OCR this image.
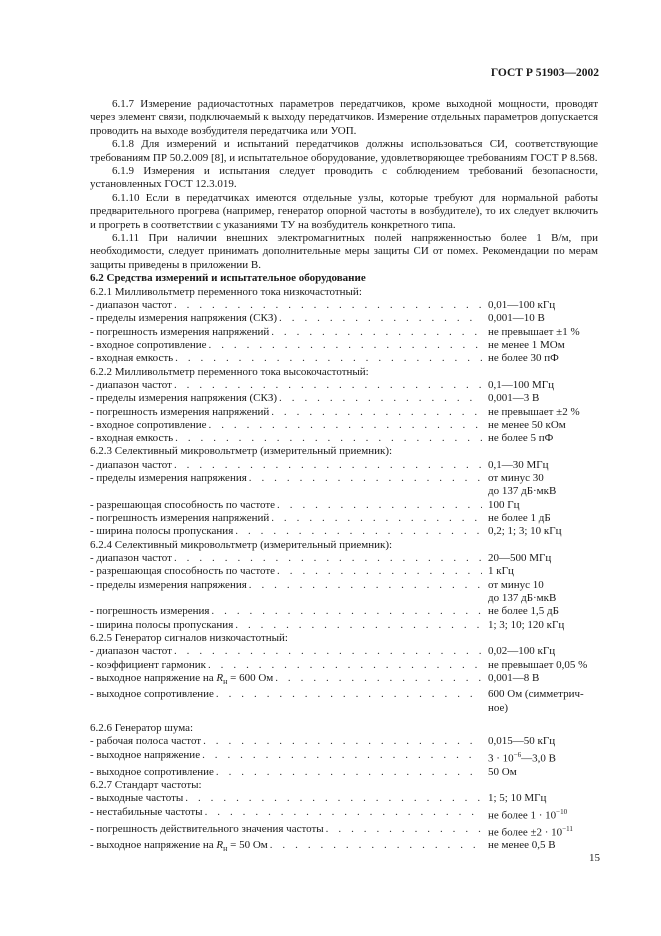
ГОСТ Р 51903—2002

6.1.7 Измерение радиочастотных параметров передатчиков, кроме выходной мощности, проводят через элемент связи, подключаемый к выходу передатчиков. Измерение отдельных параметров допускается проводить на выходе возбудителя передатчика или УОП.

6.1.8 Для измерений и испытаний передатчиков должны использоваться СИ, соответствующие требованиям ПР 50.2.009 [8], и испытательное оборудование, удовлетворяющее требованиям ГОСТ Р 8.568.

6.1.9 Измерения и испытания следует проводить с соблюдением требований безопасности, установленных ГОСТ 12.3.019.

6.1.10 Если в передатчиках имеются отдельные узлы, которые требуют для нормальной работы предварительного прогрева (например, генератор опорной частоты в возбудителе), то их следует включить и прогреть в соответствии с указаниями ТУ на возбудитель конкретного типа.

6.1.11 При наличии внешних электромагнитных полей напряженностью более 1 В/м, при необходимости, следует принимать дополнительные меры защиты СИ от помех. Рекомендации по мерам защиты приведены в приложении В.

6.2 Средства измерений и испытательное оборудование
6.2.1 Милливольтметр переменного тока низкочастотный:
- диапазон частот . . .	0,01—100 кГц
- пределы измерения напряжения (СКЗ) . . .	0,001—10 В
- погрешность измерения напряжений . . .	не превышает ±1 %
- входное сопротивление . . .	не менее 1 МОм
- входная емкость . . .	не более 30 пФ
6.2.2 Милливольтметр переменного тока высокочастотный:
- диапазон частот . . .	0,1—100 МГц
- пределы измерения напряжения (СКЗ) . . .	0,001—3 В
- погрешность измерения напряжений . . .	не превышает ±2 %
- входное сопротивление . . .	не менее 50 кОм
- входная емкость . . .	не более 5 пФ
6.2.3 Селективный микровольтметр (измерительный приемник):
- диапазон частот . . .	0,1—30 МГц
- пределы измерения напряжения . . .	от минус 30
до 137 дБ·мкВ
- разрешающая способность по частоте . . .	100 Гц
- погрешность измерения напряжений . . .	не более 1 дБ
- ширина полосы пропускания . . .	0,2; 1; 3; 10 кГц
6.2.4 Селективный микровольтметр (измерительный приемник):
- диапазон частот . . .	20—500 МГц
- разрешающая способность по частоте . . .	1 кГц
- пределы измерения напряжения . . .	от минус 10
до 137 дБ·мкВ
- погрешность измерения . . .	не более 1,5 дБ
- ширина полосы пропускания . . .	1; 3; 10; 120 кГц
6.2.5 Генератор сигналов низкочастотный:
- диапазон частот . . .	0,02—100 кГц
- коэффициент гармоник . . .	не превышает 0,05 %
- выходное напряжение на $R_н = 600$ Ом . . .	0,001—8 В
- выходное сопротивление . . .	600 Ом (симметрич-
ное)
6.2.6 Генератор шума:
- рабочая полоса частот . . .	0,015—50 кГц
- выходное напряжение . . .	$3 \cdot 10^{-6}—3,0$ В
- выходное сопротивление . . .	50 Ом
6.2.7 Стандарт частоты:
- выходные частоты . . .	1; 5; 10 МГц
- нестабильные частоты . . .	не более $1 \cdot 10^{-10}$
- погрешность действительного значения частоты . . .	не более $\pm 2 \cdot 10^{-11}$
- выходное напряжение на $R_н = 50$ Ом . . .	не менее 0,5 В
15
